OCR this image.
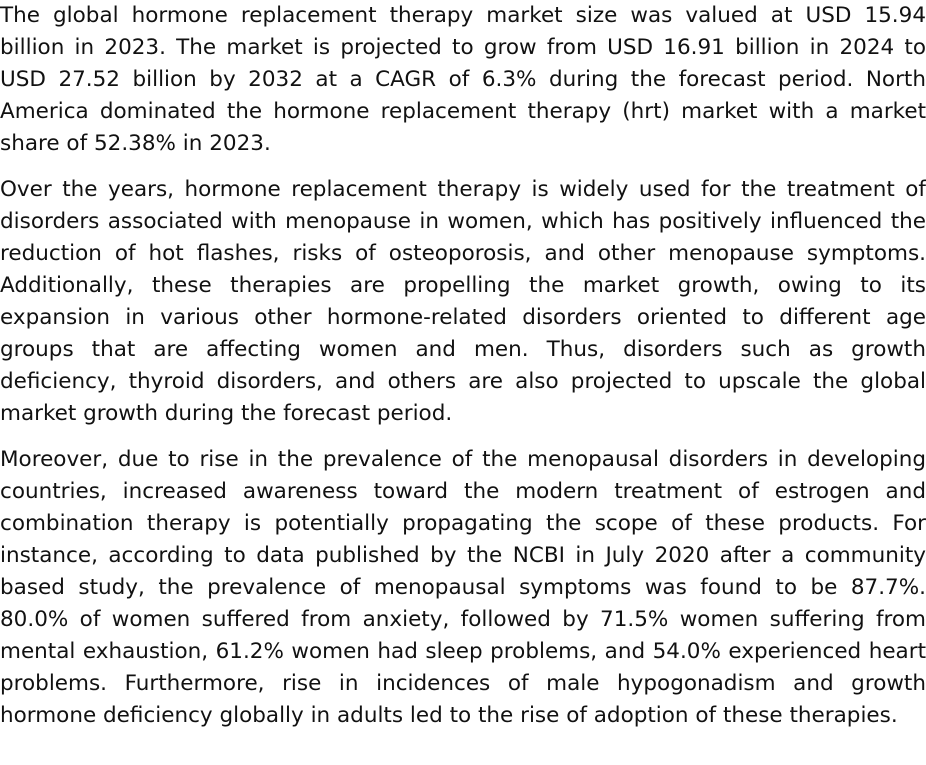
The global hormone replacement therapy market size was valued at USD 15.94 billion in 2023. The market is projected to grow from USD 16.91 billion in 2024 to USD 27.52 billion by 2032 at a CAGR of 6.3% during the forecast period. North America dominated the hormone replacement therapy (hrt) market with a market share of 52.38% in 2023.

Over the years, hormone replacement therapy is widely used for the treatment of disorders associated with menopause in women, which has positively influenced the reduction of hot flashes, risks of osteoporosis, and other menopause symptoms. Additionally, these therapies are propelling the market growth, owing to its expansion in various other hormone-related disorders oriented to different age groups that are affecting women and men. Thus, disorders such as growth deficiency, thyroid disorders, and others are also projected to upscale the global market growth during the forecast period.

Moreover, due to rise in the prevalence of the menopausal disorders in developing countries, increased awareness toward the modern treatment of estrogen and combination therapy is potentially propagating the scope of these products. For instance, according to data published by the NCBI in July 2020 after a community based study, the prevalence of menopausal symptoms was found to be 87.7%. 80.0% of women suffered from anxiety, followed by 71.5% women suffering from mental exhaustion, 61.2% women had sleep problems, and 54.0% experienced heart problems. Furthermore, rise in incidences of male hypogonadism and growth hormone deficiency globally in adults led to the rise of adoption of these therapies.
